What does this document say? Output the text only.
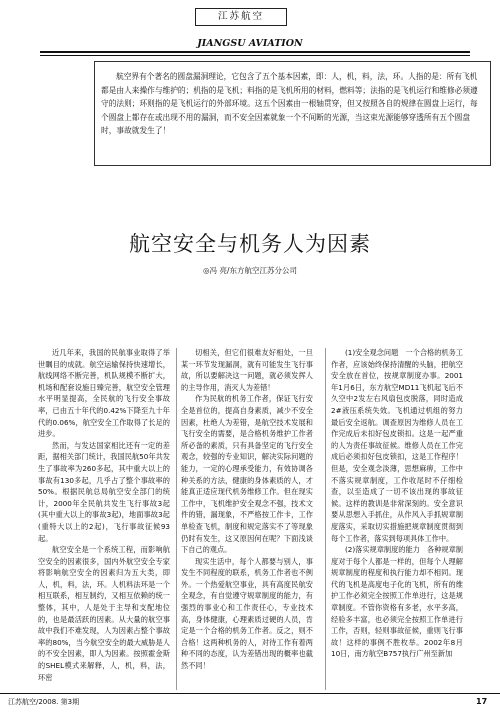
江苏航空
JIANGSU AVIATION

航空界有个著名的圆盘漏洞理论，它包含了五个基本因素，即：人，机，料，法，环。人指的是：所有飞机都是由人来操作与维护的；机指的是飞机；料指的是飞机所用的材料，燃料等；法指的是飞机运行和维修必须遵守的法则；环则指的是飞机运行的外部环境。这五个因素由一根轴贯穿，但又按照各自的规律在圆盘上运行，每个圆盘上都存在或出现不用的漏洞，而不安全因素就象一个不间断的光源，当这束光源能够穿透所有五个圆盘时，事故就发生了！

航空安全与机务人为因素
◎冯 亮/东方航空江苏分公司

近几年来，我国的民航事业取得了举世瞩目的成就。航空运输保持快速增长，航线网络不断完善，机队规模不断扩大，机场和配套设施日臻完善，航空安全管理水平明显提高，全民航的飞行安全事故率，已由五十年代的0.42%下降至九十年代的0.06%，航空安全工作取得了长足的进步。

然而，与发达国家相比还有一定的差距，据相关部门统计，我国民航50年共发生了事故率为260多起，其中重大以上的事故有130多起，几乎占了整个事故率的50%。根据民航总局航空安全部门的统计，2000年全民航共发生飞行事故3起(其中重大以上的事故3起)，地面事故3起(重特大以上的2起)，飞行事故征候93起。

航空安全是一个系统工程，而影响航空安全的因素很多，国内外航空安全专家将影响航空安全的因素归为五大类，即人，机，料，法，环。人机料法环是一个相互联系，相互制约，又相互依赖的统一整体，其中，人是处于主导和支配地位的，也是最活跃的因素。从大量的航空事故中我们不难发现，人为因素占整个事故率的80%，当今航空安全的最大威胁是人的不安全因素，即人为因素。按照霍金斯的SHEL模式来解释，人，机，料，法，环密

切相关，但它们很难友好相处，一旦某一环节发现漏洞，就有可能发生飞行事故，所以要解决这一问题，就必须发挥人的主导作用，消灭人为差错！

作为民航的机务工作者，保证飞行安全是首位的，提高自身素质，减少不安全因素，杜绝人为差错，是航空技术发展和飞行安全的需要，是合格机务维护工作者所必备的素质，只有具备坚定的飞行安全观念，较强的专业知识，解决实际问题的能力，一定的心理承受能力，有效协调各种关系的方法，健康的身体素质的人，才能真正适应现代机务维修工作。但在现实工作中，飞机维护安全观念不强，技术文件的错，漏现象，不严格按工作卡，工作单检查飞机，制度和规定落实不了等现象仍时有发生，这又原因何在呢？下面浅谈下自己的观点。

现实生活中，每个人都要与别人，事发生不同程度的联系，机务工作者也不例外。一个热爱航空事业，具有高度民航安全观念，有自觉遵守规章制度的能力，有强烈的事业心和工作责任心，专业技术高，身体健康，心理素质过硬的人员，肯定是一个合格的机务工作者。反之，则不合格！这两种机务的人，对待工作有着两种不同的态度，认为差错出现的概率也截然不同！

(1)安全观念问题　一个合格的机务工作者，应该始终保持清醒的头脑，把航空安全放在首位，按规章制度办事。2001年1月6日，东方航空MD11飞机起飞后不久空中2发左右风扇包皮脱落，同时造成2#液压系统失效。飞机通过机组的努力最后安全返航。调查原因为维修人员在工作完成后未扣好包皮锁扣。这是一起严重的人为责任事故征候。维修人员在工作完成后必须扣好包皮锁扣，这是工作程序！但是，安全观念淡薄，思想麻痹，工作中不落实规章制度，工作收尾时不仔细检查，以至造成了一切不该出现的事故征候。这样的教训是非常深刻的。安全意识要从思想入手抓住，从作风入手抓规章制度落实，采取切实措施把规章制度贯彻到每个工作者，落实到每项具体工作中。

(2)落实规章制度的能力　各种规章制度对于每个人都是一样的，但每个人理解规章制度的程度和执行能力却不相同。现代的飞机是高度电子化的飞机，所有的维护工作必须完全按照工作单进行，这是规章制度。不管你资格有多老，水平多高，经验多丰富，也必须完全按照工作单进行工作，否则，轻则事故征候，重则飞行事故！这样的事例不胜枚举。2002年8月10日，南方航空B757执行广州至新加

江苏航空/2008. 第3期	17
